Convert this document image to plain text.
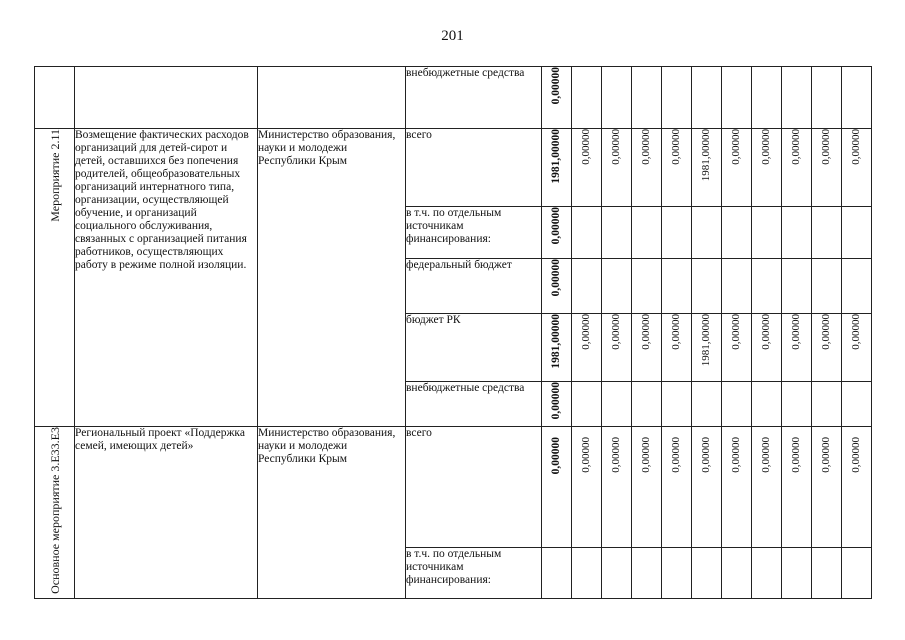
201
			внебюджетные средства	0,00000										
Мероприятие 2.11	Возмещение фактических расходов организаций для детей-сирот и детей, оставшихся без попечения родителей, общеобразовательных организаций интернатного типа, организации, осуществляющей обучение, и организаций социального обслуживания, связанных с организацией питания работников, осуществляющих работу в режиме полной изоляции.	Министерство образования, науки и молодежи Республики Крым	всего	1981,00000	0,00000	0,00000	0,00000	0,00000	1981,00000	0,00000	0,00000	0,00000	0,00000	0,00000
			в т.ч. по отдельным источникам финансирования:	0,00000										
			федеральный бюджет	0,00000										
			бюджет РК	1981,00000	0,00000	0,00000	0,00000	0,00000	1981,00000	0,00000	0,00000	0,00000	0,00000	0,00000
			внебюджетные средства	0,00000										
Основное мероприятие 3.Е33.Е3	Региональный проект «Поддержка семей, имеющих детей»	Министерство образования, науки и молодежи Республики Крым	всего	0,00000	0,00000	0,00000	0,00000	0,00000	0,00000	0,00000	0,00000	0,00000	0,00000	0,00000
			в т.ч. по отдельным источникам финансирования:											
